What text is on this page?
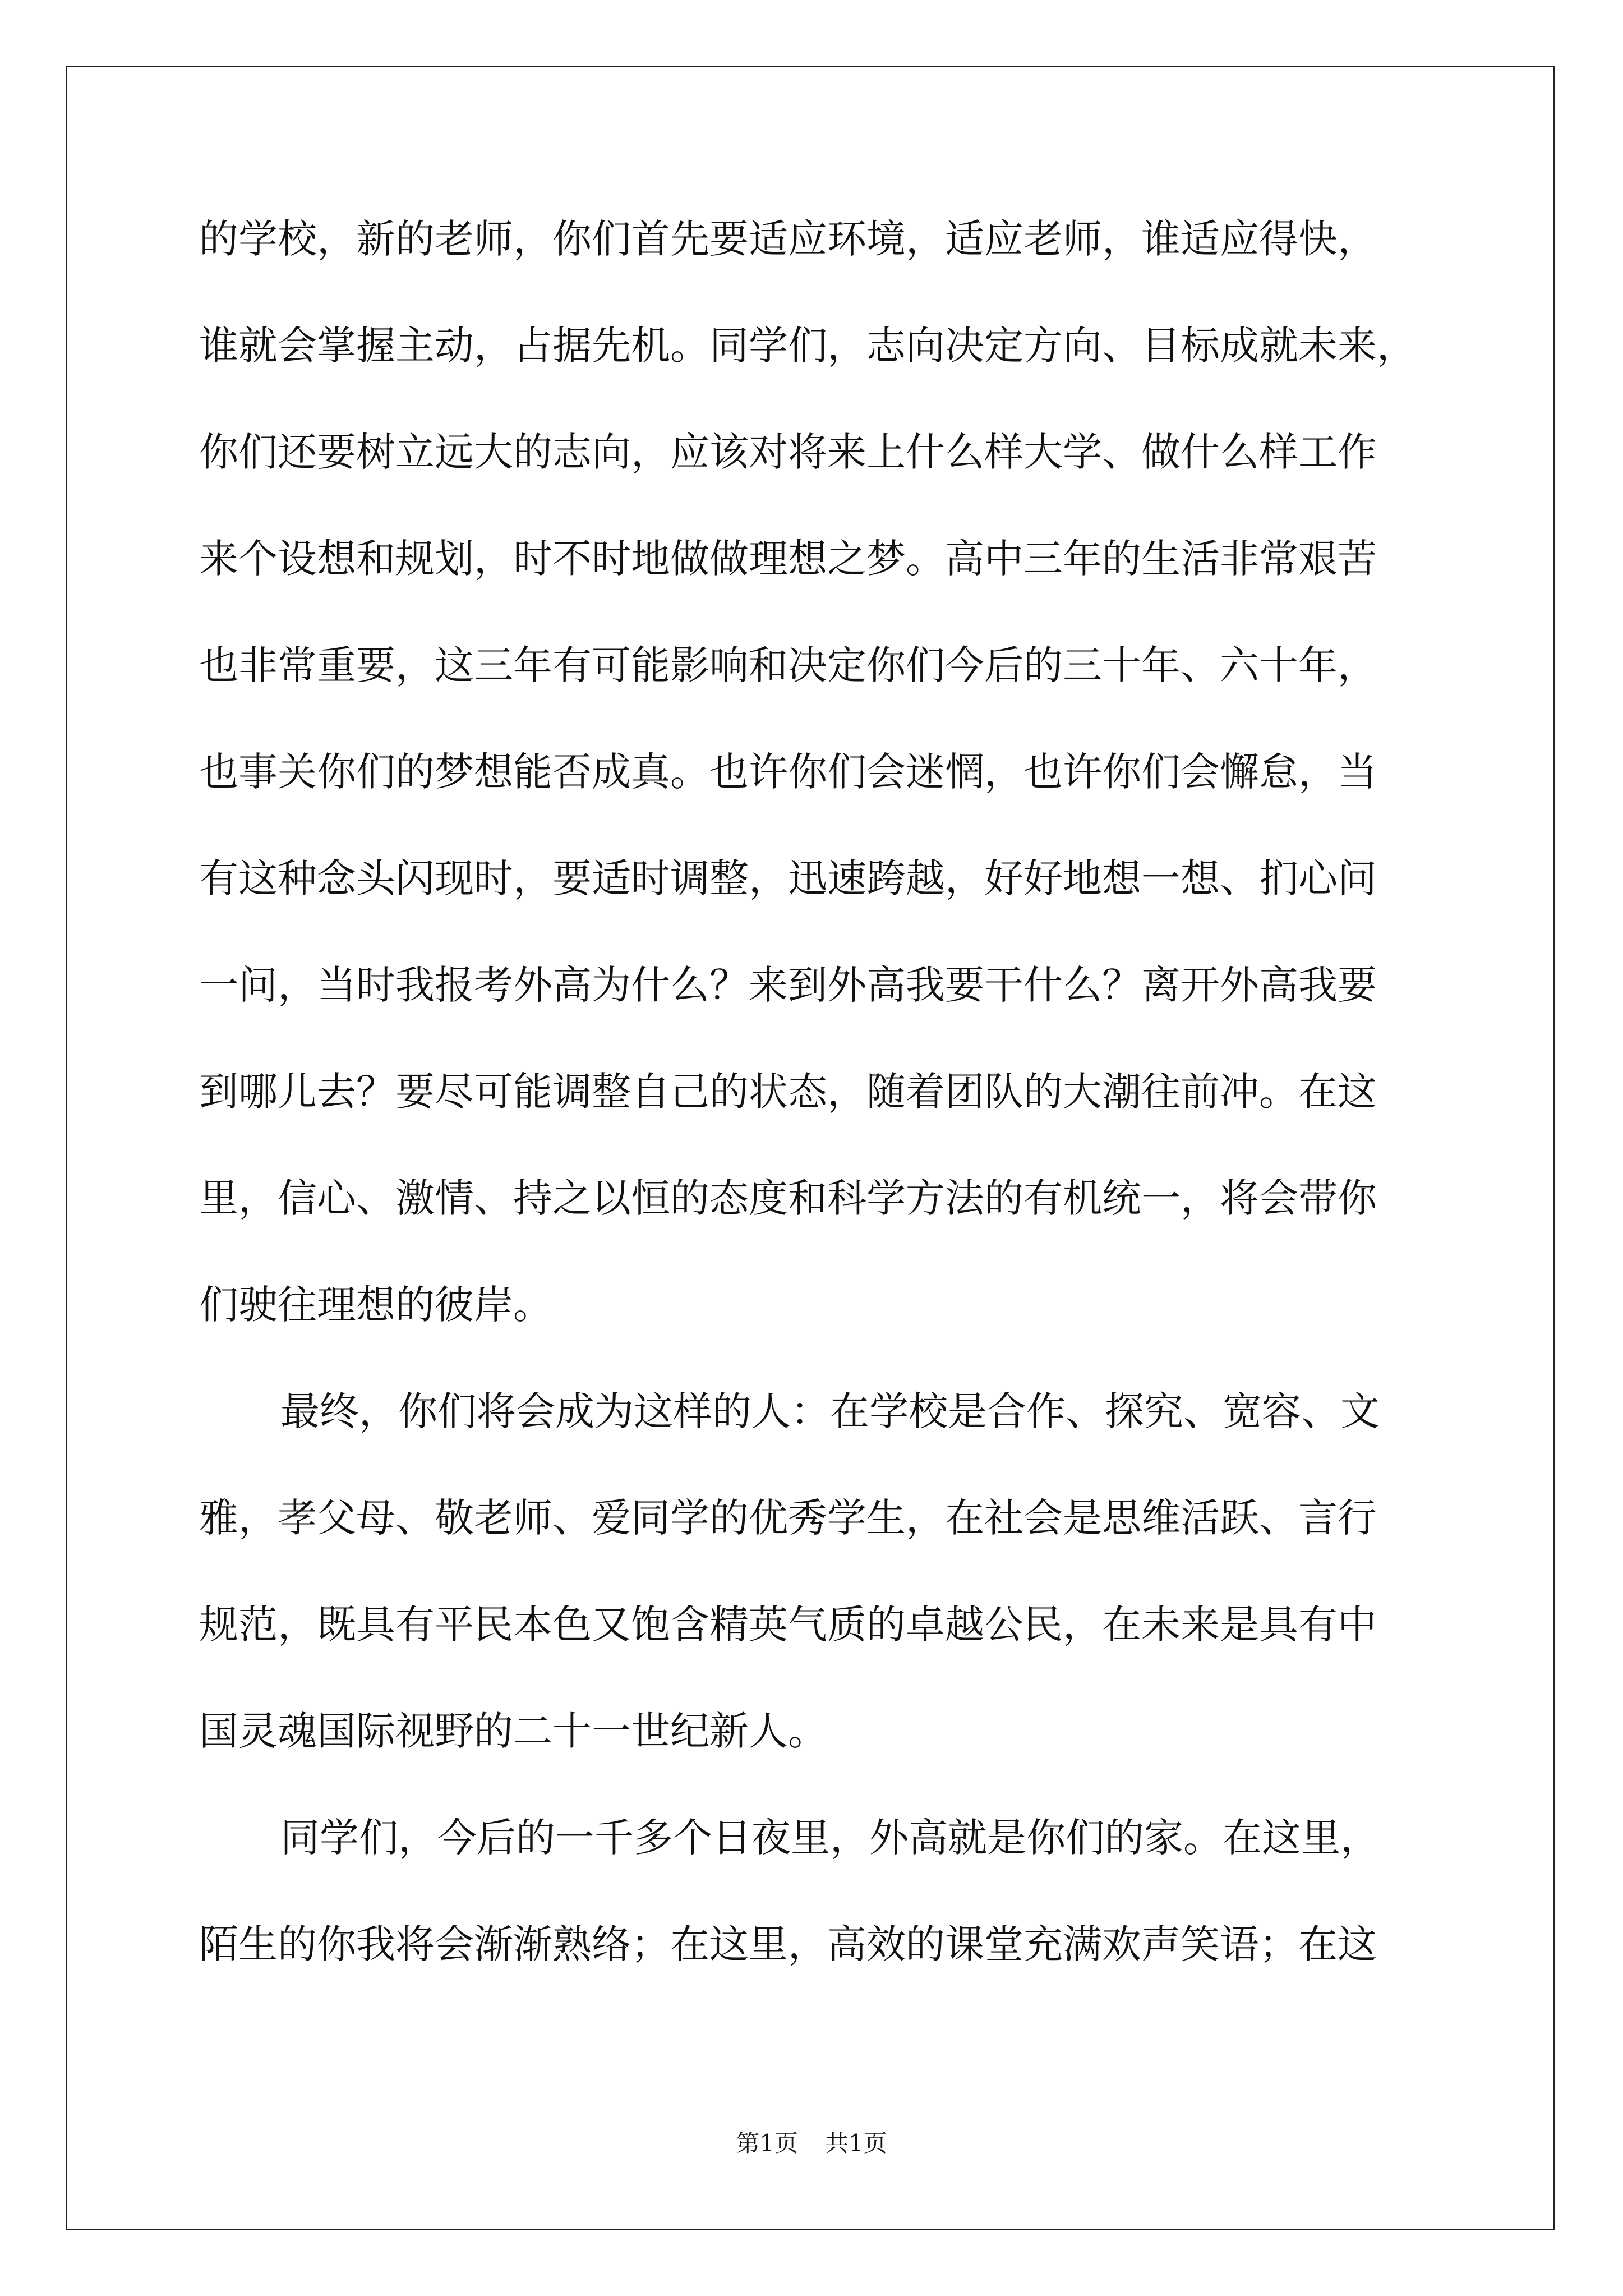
的学校，新的老师，你们首先要适应环境，适应老师，谁适应得快，
谁就会掌握主动，占据先机。同学们，志向决定方向、目标成就未来，
你们还要树立远大的志向，应该对将来上什么样大学、做什么样工作
来个设想和规划，时不时地做做理想之梦。高中三年的生活非常艰苦
也非常重要，这三年有可能影响和决定你们今后的三十年、六十年，
也事关你们的梦想能否成真。也许你们会迷惘，也许你们会懈怠，当
有这种念头闪现时，要适时调整，迅速跨越，好好地想一想、扪心问
一问，当时我报考外高为什么？来到外高我要干什么？离开外高我要
到哪儿去？要尽可能调整自己的状态，随着团队的大潮往前冲。在这
里，信心、激情、持之以恒的态度和科学方法的有机统一，将会带你
们驶往理想的彼岸。
最终，你们将会成为这样的人：在学校是合作、探究、宽容、文
雅，孝父母、敬老师、爱同学的优秀学生，在社会是思维活跃、言行
规范，既具有平民本色又饱含精英气质的卓越公民，在未来是具有中
国灵魂国际视野的二十一世纪新人。
同学们，今后的一千多个日夜里，外高就是你们的家。在这里，
陌生的你我将会渐渐熟络；在这里，高效的课堂充满欢声笑语；在这
第1页 共1页
